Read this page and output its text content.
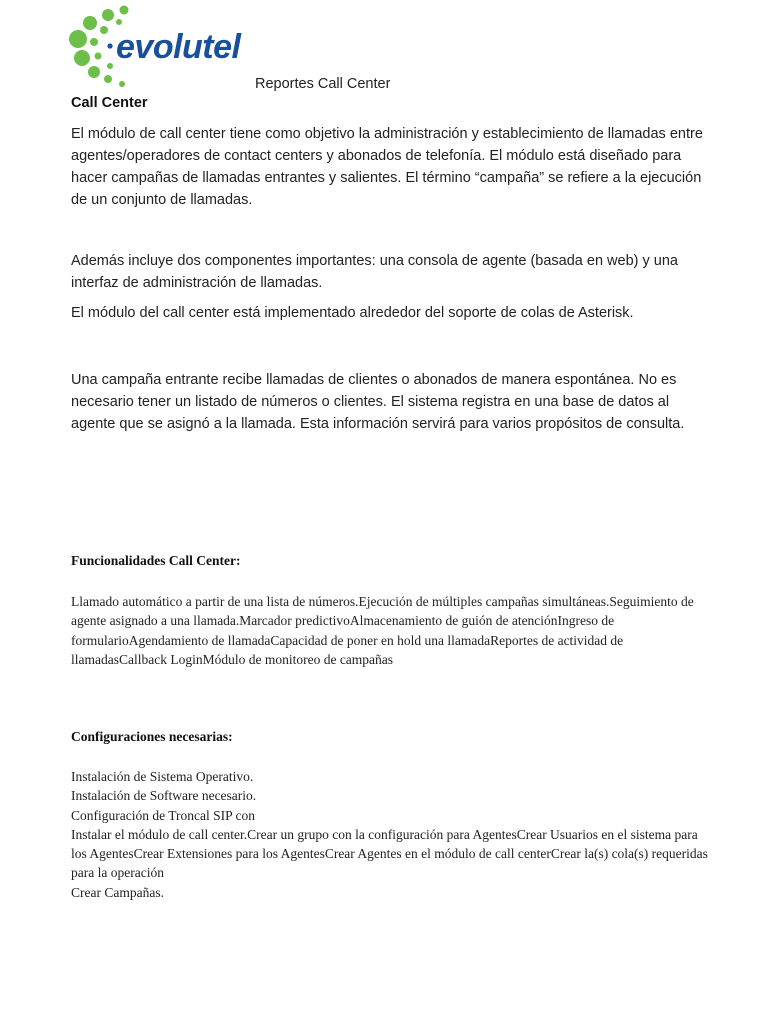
evolutel
Reportes Call Center
Call Center

El módulo de call center tiene como objetivo la administración y establecimiento de llamadas entre agentes/operadores de contact centers y abonados de telefonía. El módulo está diseñado para hacer campañas de llamadas entrantes y salientes. El término “campaña” se refiere a la ejecución de un conjunto de llamadas.

Además incluye dos componentes importantes: una consola de agente (basada en web) y una interfaz de administración de llamadas.

El módulo del call center está implementado alrededor del soporte de colas de Asterisk.

Una campaña entrante recibe llamadas de clientes o abonados de manera espontánea. No es necesario tener un listado de números o clientes. El sistema registra en una base de datos al agente que se asignó a la llamada. Esta información servirá para varios propósitos de consulta.

Funcionalidades Call Center:

Llamado automático a partir de una lista de números.Ejecución de múltiples campañas simultáneas.Seguimiento de agente asignado a una llamada.Marcador predictivoAlmacenamiento de guión de atenciónIngreso de formularioAgendamiento de llamadaCapacidad de poner en hold una llamadaReportes de actividad de llamadasCallback LoginMódulo de monitoreo de campañas

Configuraciones necesarias:
Instalación de Sistema Operativo.
Instalación de Software necesario.
Configuración de Troncal SIP con
Instalar el módulo de call center.Crear un grupo con la configuración para AgentesCrear Usuarios en el sistema para los AgentesCrear Extensiones para los AgentesCrear Agentes en el módulo de call centerCrear la(s) cola(s) requeridas para la operación
Crear Campañas.
